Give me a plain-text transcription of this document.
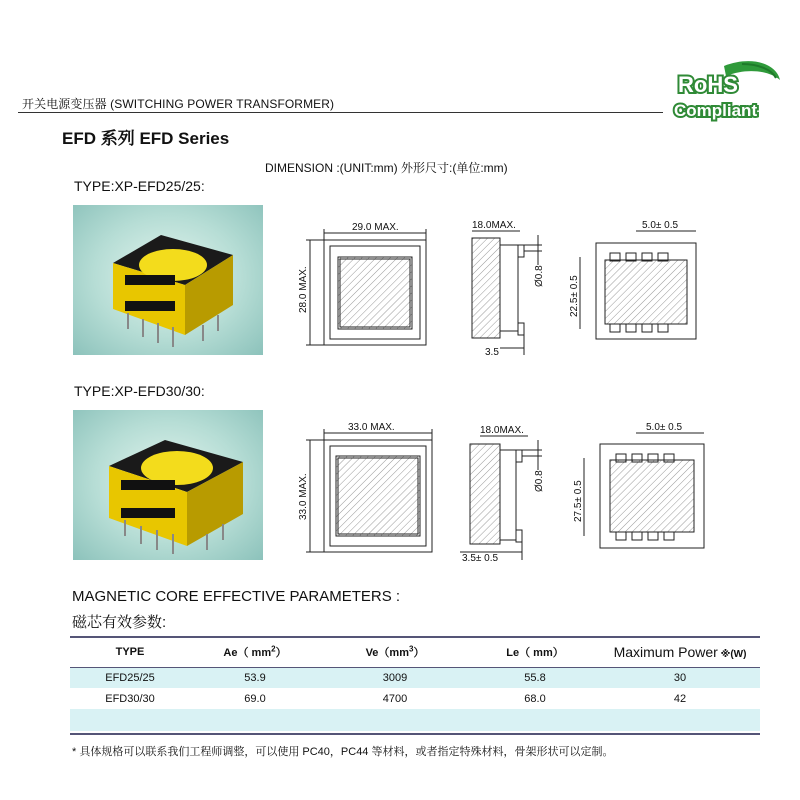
开关电源变压器 (SWITCHING POWER TRANSFORMER)
RoHS
Compliant
EFD 系列 EFD Series
DIMENSION :(UNIT:mm) 外形尺寸:(单位:mm)
TYPE:XP-EFD25/25:
29.0 MAX.
28.0 MAX.
18.0MAX.
Ø0.8
3.5
5.0± 0.5
22.5± 0.5
TYPE:XP-EFD30/30:
33.0 MAX.
33.0 MAX.
18.0MAX.
Ø0.8
3.5± 0.5
5.0± 0.5
27.5± 0.5
MAGNETIC CORE EFFECTIVE PARAMETERS :
磁芯有效参数:
TYPE	Ae（ $mm^2$）	$Ve(mm^3)$	Le（ mm）	Maximum Power ※(W)
EFD25/25	53.9	3009	55.8	30
EFD30/30	69.0	4700	68.0	42

* 具体规格可以联系我们工程师调整，可以使用 PC40，PC44 等材料，或者指定特殊材料，骨架形状可以定制。
